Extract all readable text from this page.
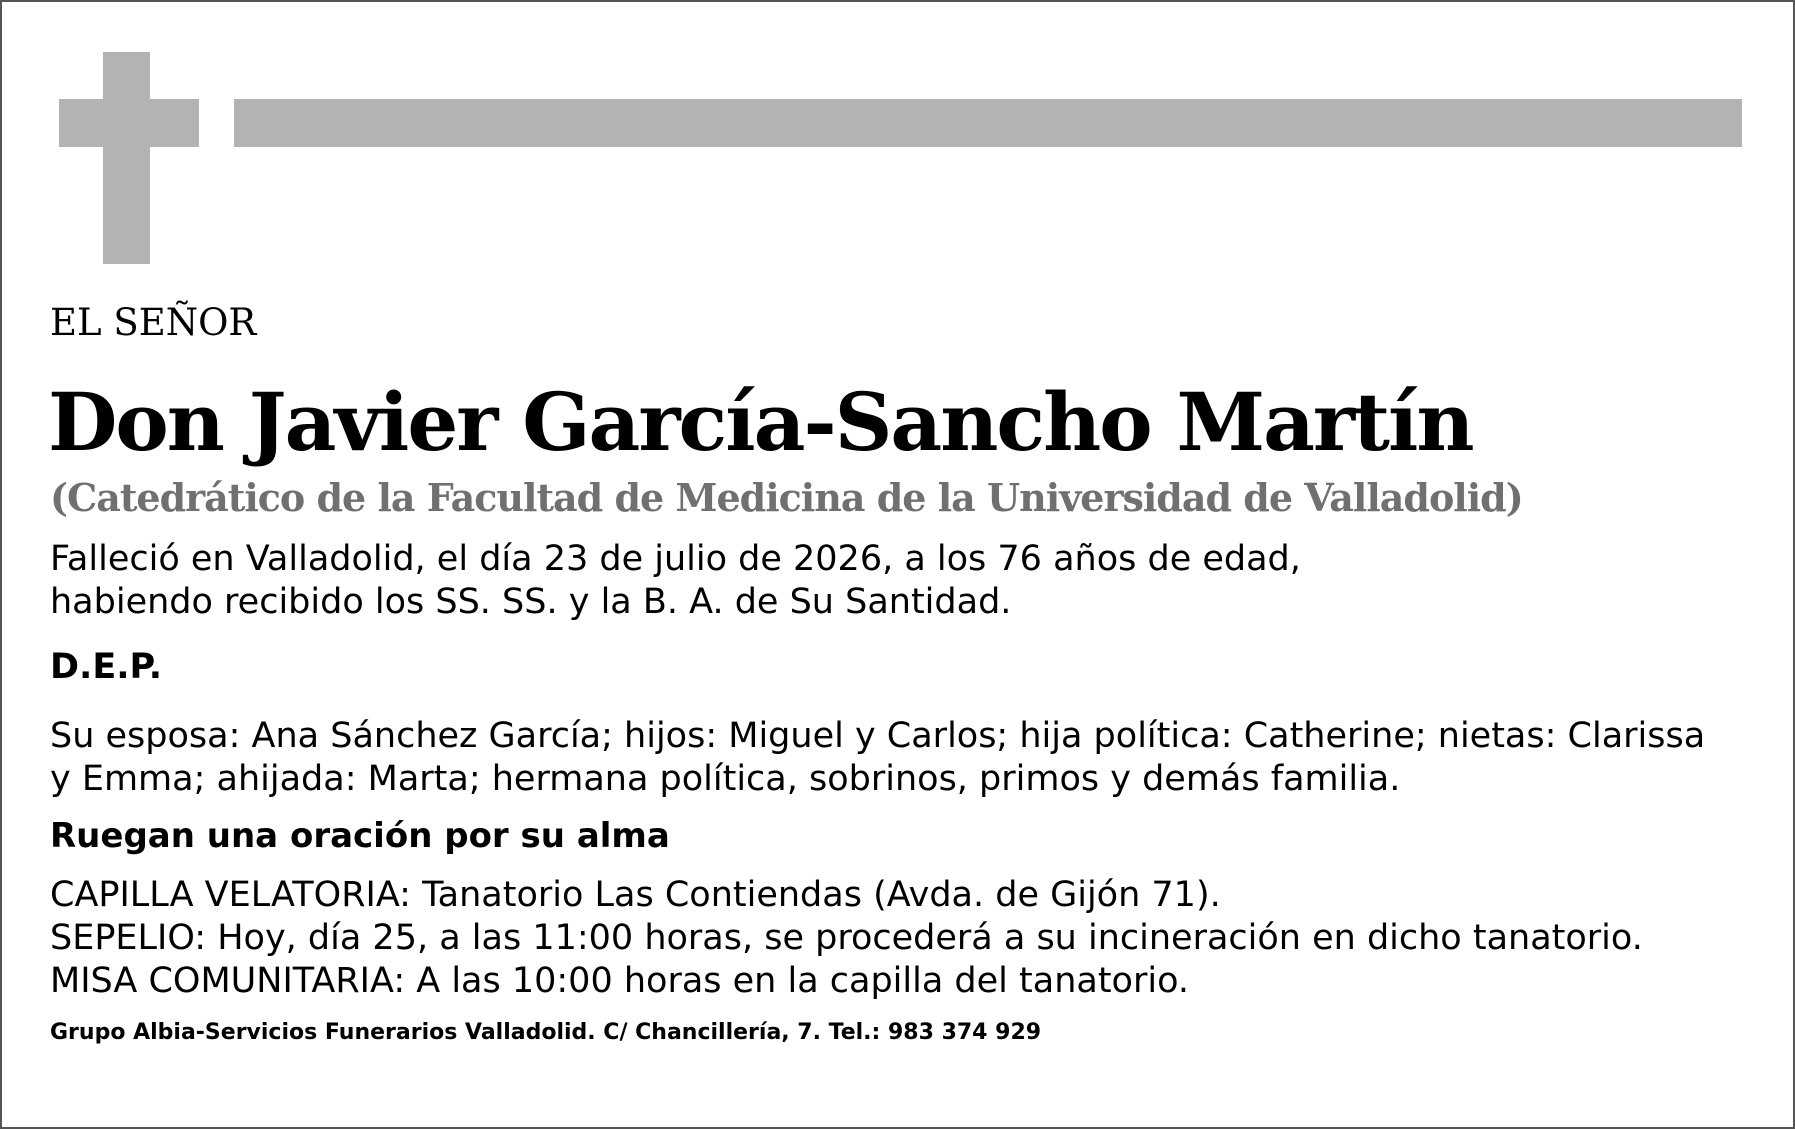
EL SEÑOR

Don Javier García-Sancho Martín

(Catedrático de la Facultad de Medicina de la Universidad de Valladolid)

Falleció en Valladolid, el día 23 de julio de 2026, a los 76 años de edad,

habiendo recibido los SS. SS. y la B. A. de Su Santidad.

D.E.P.

Su esposa: Ana Sánchez García; hijos: Miguel y Carlos; hija política: Catherine; nietas: Clarissa

y Emma; ahijada: Marta; hermana política, sobrinos, primos y demás familia.

Ruegan una oración por su alma

CAPILLA VELATORIA: Tanatorio Las Contiendas (Avda. de Gijón 71).

SEPELIO: Hoy, día 25, a las 11:00 horas, se procederá a su incineración en dicho tanatorio.

MISA COMUNITARIA: A las 10:00 horas en la capilla del tanatorio.

Grupo Albia-Servicios Funerarios Valladolid. C/ Chancillería, 7. Tel.: 983 374 929
